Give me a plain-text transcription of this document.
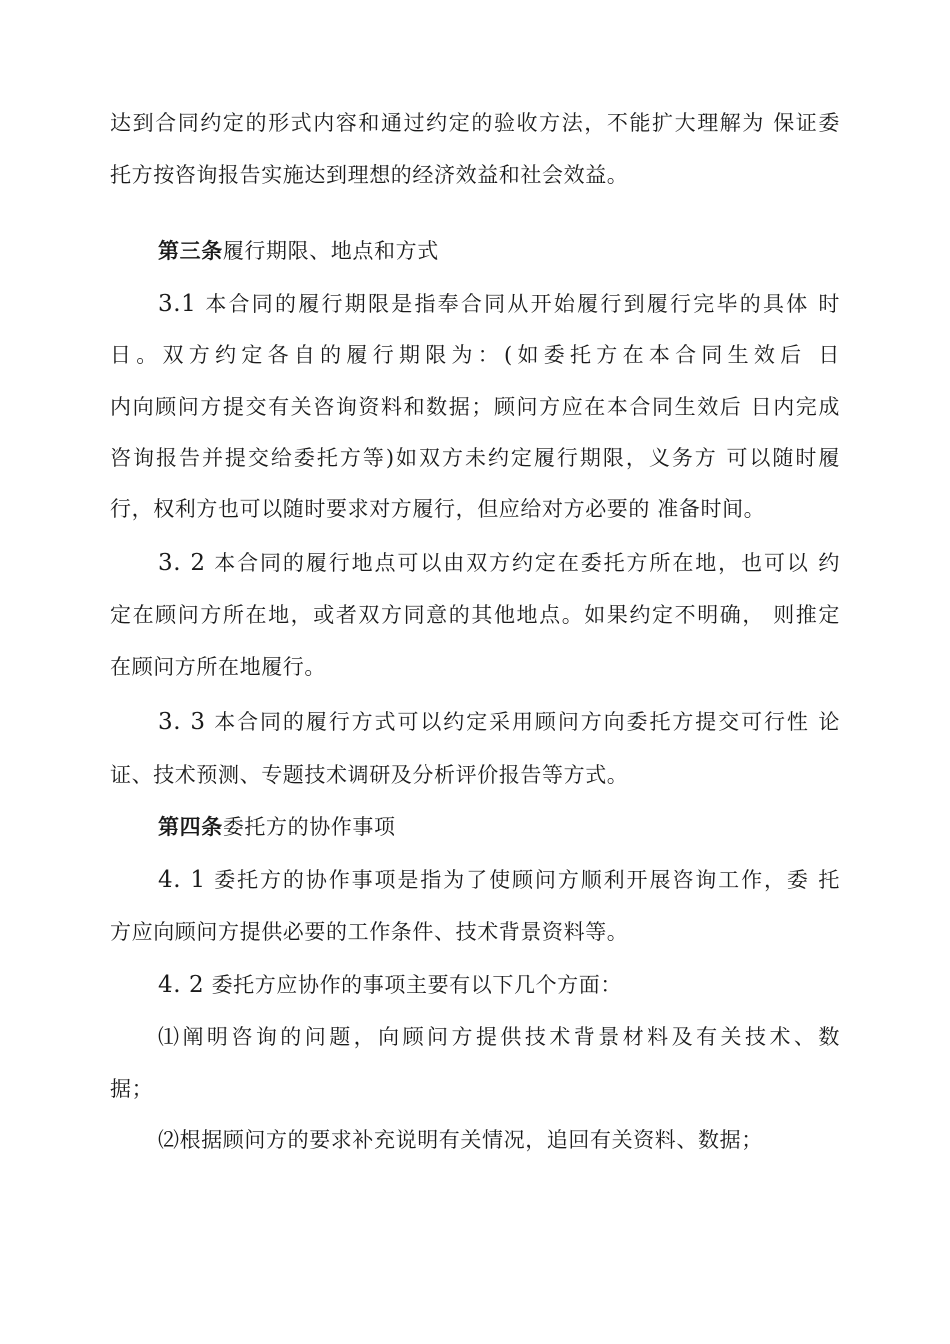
达到合同约定的形式内容和通过约定的验收方法，不能扩大理解为 保证委
托方按咨询报告实施达到理想的经济效益和社会效益。
第三条履行期限、地点和方式
3.1 本合同的履行期限是指奉合同从开始履行到履行完毕的具体 时
日。双方约定各自的履行期限为：(如委托方在本合同生效后 日
内向顾问方提交有关咨询资料和数据；顾问方应在本合同生效后 日内完成
咨询报告并提交给委托方等)如双方未约定履行期限，义务方 可以随时履
行，权利方也可以随时要求对方履行，但应给对方必要的 准备时间。
3. 2 本合同的履行地点可以由双方约定在委托方所在地，也可以 约
定在顾问方所在地，或者双方同意的其他地点。如果约定不明确， 则推定
在顾问方所在地履行。
3. 3 本合同的履行方式可以约定采用顾问方向委托方提交可行性 论
证、技术预测、专题技术调研及分析评价报告等方式。
第四条委托方的协作事项
4. 1 委托方的协作事项是指为了使顾问方顺利开展咨询工作，委 托
方应向顾问方提供必要的工作条件、技术背景资料等。
4. 2 委托方应协作的事项主要有以下几个方面：
⑴阐明咨询的问题，向顾问方提供技术背景材料及有关技术、数
据；
⑵根据顾问方的要求补充说明有关情况，追回有关资料、数据；
